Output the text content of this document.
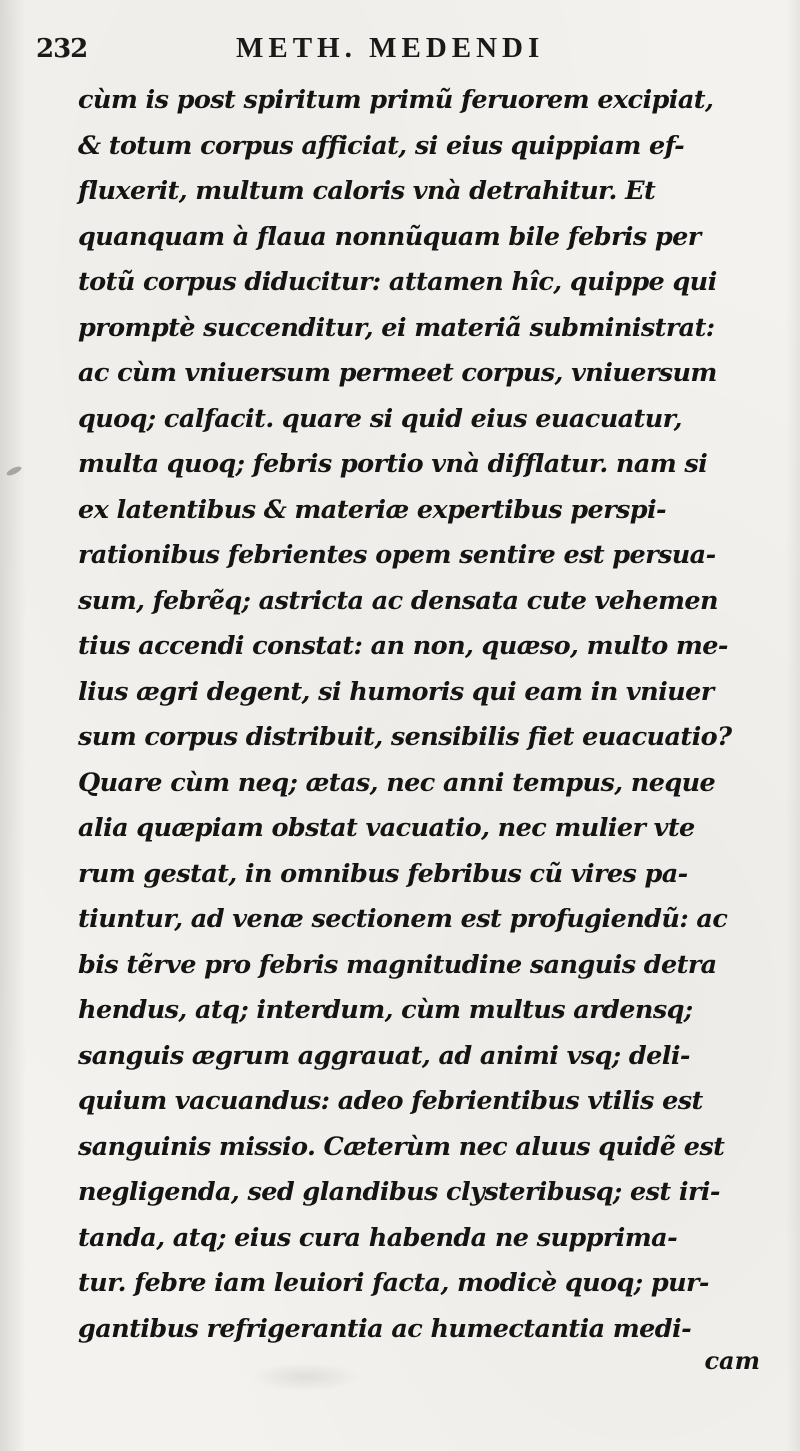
232	METH. MEDENDI
cùm is post spiritum primũ feruorem excipiat,
& totum corpus afficiat, si eius quippiam ef-
fluxerit, multum caloris vnà detrahitur. Et
quanquam à flaua nonnũquam bile febris per
totũ corpus diducitur: attamen hîc, quippe qui
promptè succenditur, ei materiã subministrat:
ac cùm vniuersum permeet corpus, vniuersum
quoq; calfacit. quare si quid eius euacuatur,
multa quoq; febris portio vnà difflatur. nam si
ex latentibus & materiæ expertibus perspi-
rationibus febrientes opem sentire est persua-
sum, febrẽq; astricta ac densata cute vehemen
tius accendi constat: an non, quæso, multo me-
lius ægri degent, si humoris qui eam in vniuer
sum corpus distribuit, sensibilis fiet euacuatio?
Quare cùm neq; ætas, nec anni tempus, neque
alia quæpiam obstat vacuatio, nec mulier vte
rum gestat, in omnibus febribus cũ vires pa-
tiuntur, ad venæ sectionem est profugiendũ: ac
bis tẽrve pro febris magnitudine sanguis detra
hendus, atq; interdum, cùm multus ardensq;
sanguis ægrum aggrauat, ad animi vsq; deli-
quium vacuandus: adeo febrientibus vtilis est
sanguinis missio. Cæterùm nec aluus quidẽ est
negligenda, sed glandibus clysteribusq; est iri-
tanda, atq; eius cura habenda ne supprima-
tur. febre iam leuiori facta, modicè quoq; pur-
gantibus refrigerantia ac humectantia medi-
cam
